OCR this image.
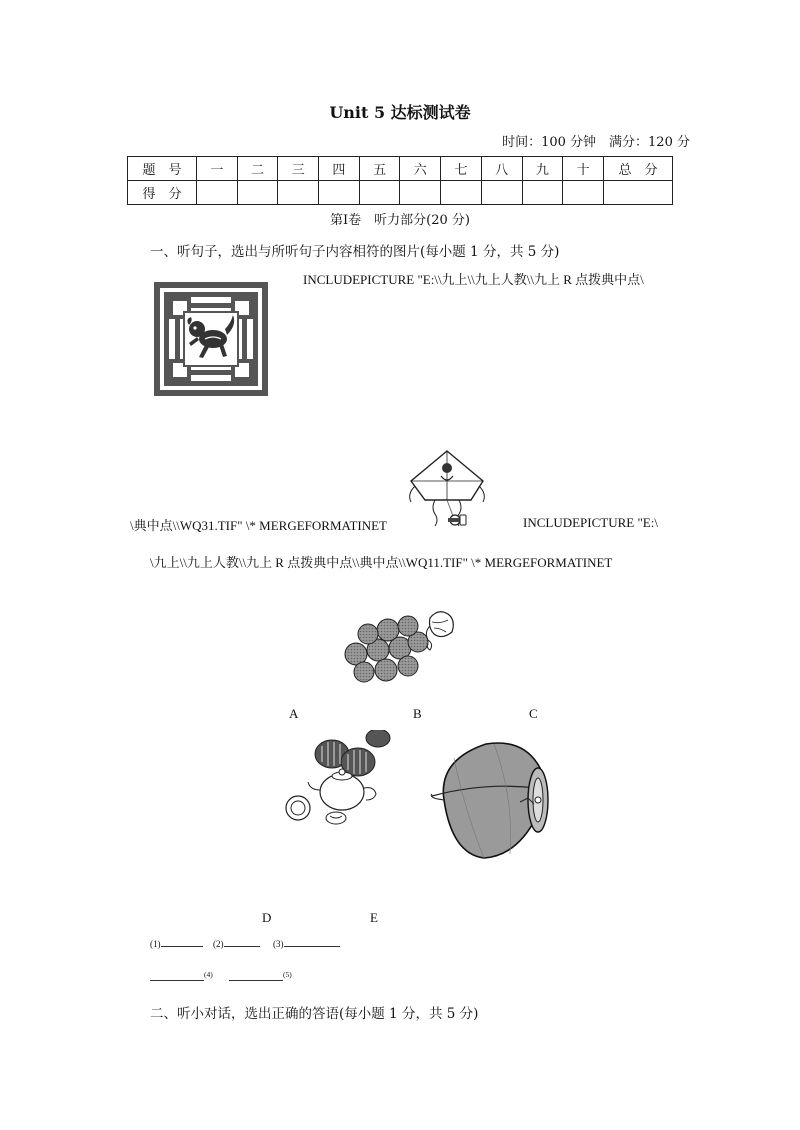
Unit 5 达标测试卷
时间：100 分钟　满分：120 分
题　号	一	二	三	四	五	六	七	八	九	十	总　分
得　分											
第Ⅰ卷　听力部分(20 分)
一、听句子，选出与所听句子内容相符的图片(每小题 1 分，共 5 分)
INCLUDEPICTURE "E:\\九上\\九上人教\\九上 R 点拨典中点\
\典中点\\WQ31.TIF" \* MERGEFORMATINET	INCLUDEPICTURE "E:\
\九上\\九上人教\\九上 R 点拨典中点\\典中点\\WQ11.TIF" \* MERGEFORMATINET
A	B	C
D	E
(1)	(2)	(3)
$^{(4)}$	$^{(5)}$
二、听小对话，选出正确的答语(每小题 1 分，共 5 分)
